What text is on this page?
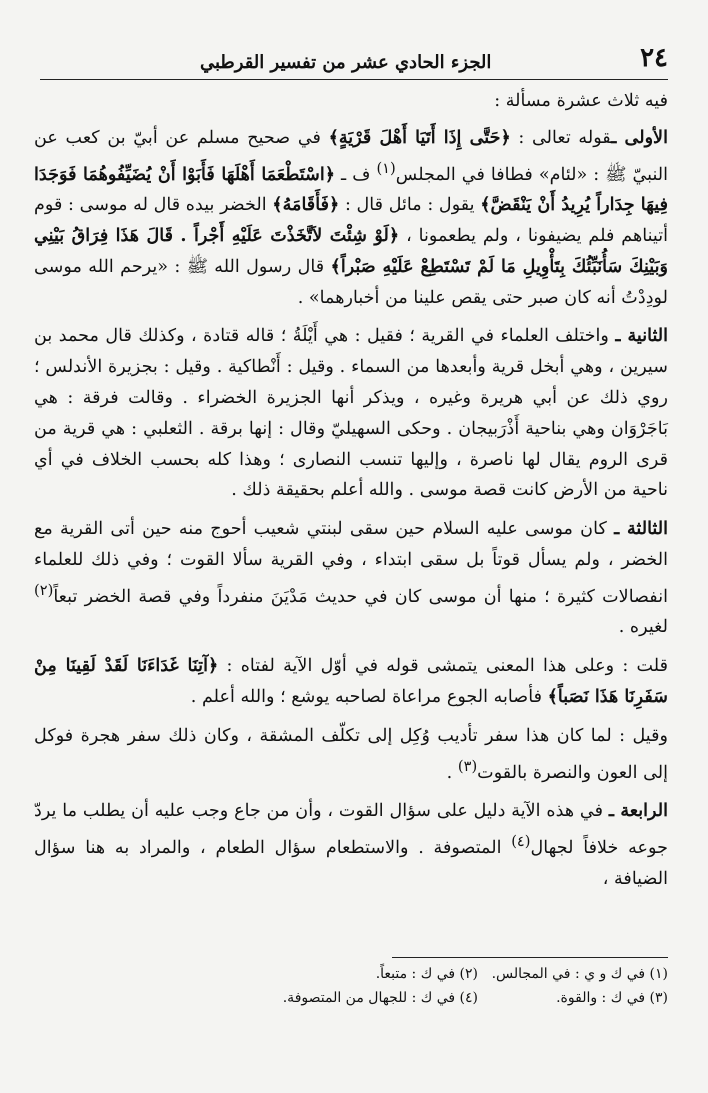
٢٤
الجزء الحادي عشر من تفسير القرطبي

فيه ثلاث عشرة مسألة :

الأولى ـقوله تعالى : ﴿حَتَّى إِذَا أَتَيَا أَهْلَ قَرْيَةٍ﴾ في صحيح مسلم عن أبيّ بن كعب عن النبيّ ﷺ : «لئام» فطافا في المجلس$^{(١)}$ ف ـ ﴿اسْتَطْعَمَا أَهْلَهَا فَأَبَوْا أَنْ يُضَيِّفُوهُمَا فَوَجَدَا فِيهَا جِدَاراً يُرِيدُ أَنْ يَنْقَضَّ﴾ يقول : مائل قال : ﴿فَأَقَامَهُ﴾ الخضر بيده قال له موسى : قوم أتيناهم فلم يضيفونا ، ولم يطعمونا ، ﴿لَوْ شِئْتَ لاَتَّخَذْتَ عَلَيْهِ أَجْراً . قَالَ هَذَا فِرَاقُ بَيْنِي وَبَيْنِكَ سَأُنَبِّئُكَ بِتَأْوِيلِ مَا لَمْ تَسْتَطِعْ عَلَيْهِ صَبْراً﴾ قال رسول الله ﷺ : «يرحم الله موسى لودِدْتُ أنه كان صبر حتى يقص علينا من أخبارهما» .

الثانية ـ واختلف العلماء في القرية ؛ فقيل : هي أَيْلَةُ ؛ قاله قتادة ، وكذلك قال محمد بن سيرين ، وهي أبخل قرية وأبعدها من السماء . وقيل : أَنْطاكية . وقيل : بجزيرة الأندلس ؛ روي ذلك عن أبي هريرة وغيره ، ويذكر أنها الجزيرة الخضراء . وقالت فرقة : هي بَاجَرْوَان وهي بناحية أَذْرَبيجان . وحكى السهيليّ وقال : إنها برقة . الثعلبي : هي قرية من قرى الروم يقال لها ناصرة ، وإليها تنسب النصارى ؛ وهذا كله بحسب الخلاف في أي ناحية من الأرض كانت قصة موسى . والله أعلم بحقيقة ذلك .

الثالثة ـ كان موسى عليه السلام حين سقى لبنتي شعيب أحوج منه حين أتى القرية مع الخضر ، ولم يسأل قوتاً بل سقى ابتداء ، وفي القرية سألا القوت ؛ وفي ذلك للعلماء انفصالات كثيرة ؛ منها أن موسى كان في حديث مَدْيَنَ منفرداً وفي قصة الخضر تبعاً$^{(٢)}$ لغيره .

قلت : وعلى هذا المعنى يتمشى قوله في أوّل الآية لفتاه : ﴿آتِنَا غَدَاءَنَا لَقَدْ لَقِينَا مِنْ سَفَرِنَا هَذَا نَصَباً﴾ فأصابه الجوع مراعاة لصاحبه يوشع ؛ والله أعلم .

وقيل : لما كان هذا سفر تأديب وُكِل إلى تكلّف المشقة ، وكان ذلك سفر هجرة فوكل إلى العون والنصرة بالقوت$^{(٣)}$ .

الرابعة ـ في هذه الآية دليل على سؤال القوت ، وأن من جاع وجب عليه أن يطلب ما يردّ جوعه خلافاً لجهال$^{(٤)}$ المتصوفة . والاستطعام سؤال الطعام ، والمراد به هنا سؤال الضيافة ،

(١) في ك و ي : في المجالس.
(٢) في ك : متبعاً.
(٣) في ك : والقوة.
(٤) في ك : للجهال من المتصوفة.
